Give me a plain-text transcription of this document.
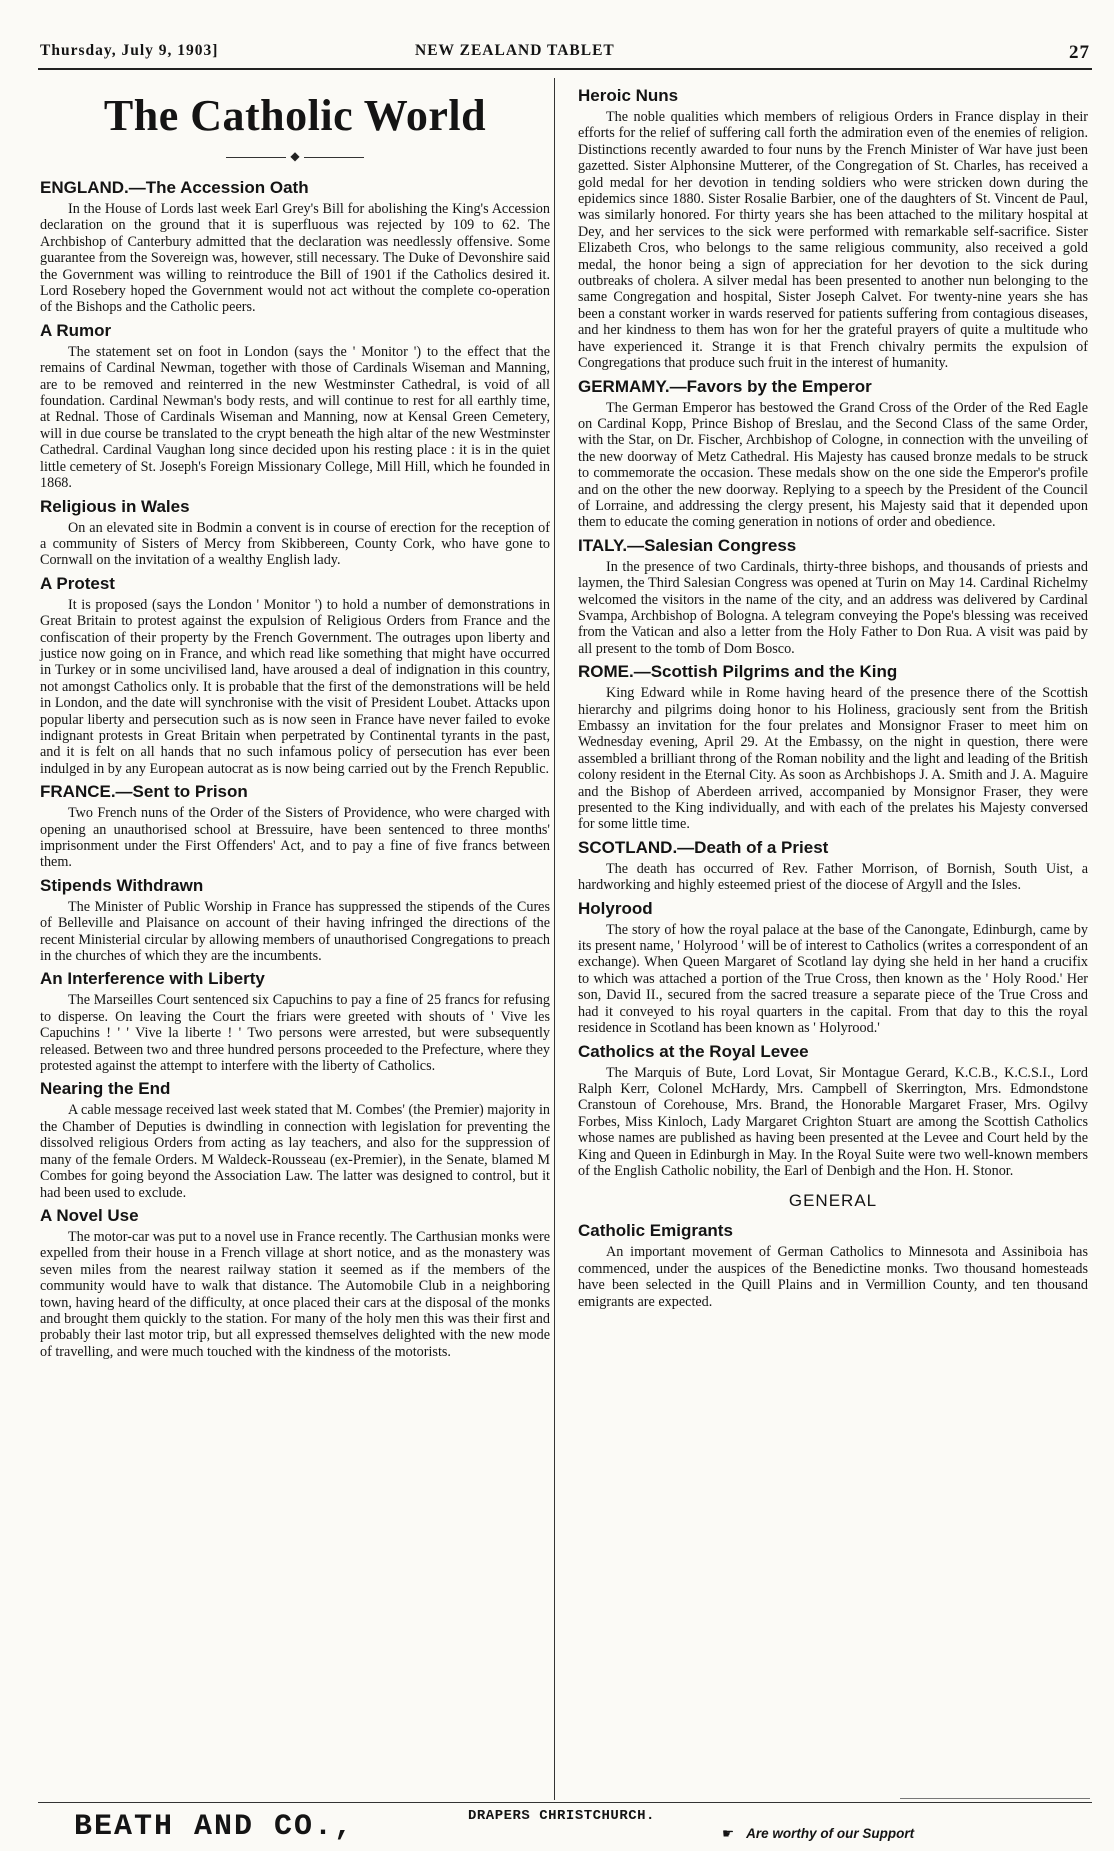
Thursday, July 9, 1903]	NEW ZEALAND TABLET	27
The Catholic World
◆
ENGLAND.—The Accession Oath

In the House of Lords last week Earl Grey's Bill for abolishing the King's Accession declaration on the ground that it is superfluous was rejected by 109 to 62. The Archbishop of Canterbury admitted that the declaration was needlessly offensive. Some guarantee from the Sovereign was, however, still necessary. The Duke of Devonshire said the Government was willing to reintroduce the Bill of 1901 if the Catholics desired it. Lord Rosebery hoped the Government would not act without the complete co-operation of the Bishops and the Catholic peers.

A Rumor

The statement set on foot in London (says the ' Monitor ') to the effect that the remains of Cardinal Newman, together with those of Cardinals Wiseman and Manning, are to be removed and reinterred in the new Westminster Cathedral, is void of all foundation. Cardinal Newman's body rests, and will continue to rest for all earthly time, at Rednal. Those of Cardinals Wiseman and Manning, now at Kensal Green Cemetery, will in due course be translated to the crypt beneath the high altar of the new Westminster Cathedral. Cardinal Vaughan long since decided upon his resting place : it is in the quiet little cemetery of St. Joseph's Foreign Missionary College, Mill Hill, which he founded in 1868.

Religious in Wales

On an elevated site in Bodmin a convent is in course of erection for the reception of a community of Sisters of Mercy from Skibbereen, County Cork, who have gone to Cornwall on the invitation of a wealthy English lady.

A Protest

It is proposed (says the London ' Monitor ') to hold a number of demonstrations in Great Britain to protest against the expulsion of Religious Orders from France and the confiscation of their property by the French Government. The outrages upon liberty and justice now going on in France, and which read like something that might have occurred in Turkey or in some uncivilised land, have aroused a deal of indignation in this country, not amongst Catholics only. It is probable that the first of the demonstrations will be held in London, and the date will synchronise with the visit of President Loubet. Attacks upon popular liberty and persecution such as is now seen in France have never failed to evoke indignant protests in Great Britain when perpetrated by Continental tyrants in the past, and it is felt on all hands that no such infamous policy of persecution has ever been indulged in by any European autocrat as is now being carried out by the French Republic.

FRANCE.—Sent to Prison

Two French nuns of the Order of the Sisters of Providence, who were charged with opening an unauthorised school at Bressuire, have been sentenced to three months' imprisonment under the First Offenders' Act, and to pay a fine of five francs between them.

Stipends Withdrawn

The Minister of Public Worship in France has suppressed the stipends of the Cures of Belleville and Plaisance on account of their having infringed the directions of the recent Ministerial circular by allowing members of unauthorised Congregations to preach in the churches of which they are the incumbents.

An Interference with Liberty

The Marseilles Court sentenced six Capuchins to pay a fine of 25 francs for refusing to disperse. On leaving the Court the friars were greeted with shouts of ' Vive les Capuchins ! ' ' Vive la liberte ! ' Two persons were arrested, but were subsequently released. Between two and three hundred persons proceeded to the Prefecture, where they protested against the attempt to interfere with the liberty of Catholics.

Nearing the End

A cable message received last week stated that M. Combes' (the Premier) majority in the Chamber of Deputies is dwindling in connection with legislation for preventing the dissolved religious Orders from acting as lay teachers, and also for the suppression of many of the female Orders. M Waldeck-Rousseau (ex-Premier), in the Senate, blamed M Combes for going beyond the Association Law. The latter was designed to control, but it had been used to exclude.

A Novel Use

The motor-car was put to a novel use in France recently. The Carthusian monks were expelled from their house in a French village at short notice, and as the monastery was seven miles from the nearest railway station it seemed as if the members of the community would have to walk that distance. The Automobile Club in a neighboring town, having heard of the difficulty, at once placed their cars at the disposal of the monks and brought them quickly to the station. For many of the holy men this was their first and probably their last motor trip, but all expressed themselves delighted with the new mode of travelling, and were much touched with the kindness of the motorists.

Heroic Nuns

The noble qualities which members of religious Orders in France display in their efforts for the relief of suffering call forth the admiration even of the enemies of religion. Distinctions recently awarded to four nuns by the French Minister of War have just been gazetted. Sister Alphonsine Mutterer, of the Congregation of St. Charles, has received a gold medal for her devotion in tending soldiers who were stricken down during the epidemics since 1880. Sister Rosalie Barbier, one of the daughters of St. Vincent de Paul, was similarly honored. For thirty years she has been attached to the military hospital at Dey, and her services to the sick were performed with remarkable self-sacrifice. Sister Elizabeth Cros, who belongs to the same religious community, also received a gold medal, the honor being a sign of appreciation for her devotion to the sick during outbreaks of cholera. A silver medal has been presented to another nun belonging to the same Congregation and hospital, Sister Joseph Calvet. For twenty-nine years she has been a constant worker in wards reserved for patients suffering from contagious diseases, and her kindness to them has won for her the grateful prayers of quite a multitude who have experienced it. Strange it is that French chivalry permits the expulsion of Congregations that produce such fruit in the interest of humanity.

GERMAMY.—Favors by the Emperor

The German Emperor has bestowed the Grand Cross of the Order of the Red Eagle on Cardinal Kopp, Prince Bishop of Breslau, and the Second Class of the same Order, with the Star, on Dr. Fischer, Archbishop of Cologne, in connection with the unveiling of the new doorway of Metz Cathedral. His Majesty has caused bronze medals to be struck to commemorate the occasion. These medals show on the one side the Emperor's profile and on the other the new doorway. Replying to a speech by the President of the Council of Lorraine, and addressing the clergy present, his Majesty said that it depended upon them to educate the coming generation in notions of order and obedience.

ITALY.—Salesian Congress

In the presence of two Cardinals, thirty-three bishops, and thousands of priests and laymen, the Third Salesian Congress was opened at Turin on May 14. Cardinal Richelmy welcomed the visitors in the name of the city, and an address was delivered by Cardinal Svampa, Archbishop of Bologna. A telegram conveying the Pope's blessing was received from the Vatican and also a letter from the Holy Father to Don Rua. A visit was paid by all present to the tomb of Dom Bosco.

ROME.—Scottish Pilgrims and the King

King Edward while in Rome having heard of the presence there of the Scottish hierarchy and pilgrims doing honor to his Holiness, graciously sent from the British Embassy an invitation for the four prelates and Monsignor Fraser to meet him on Wednesday evening, April 29. At the Embassy, on the night in question, there were assembled a brilliant throng of the Roman nobility and the light and leading of the British colony resident in the Eternal City. As soon as Archbishops J. A. Smith and J. A. Maguire and the Bishop of Aberdeen arrived, accompanied by Monsignor Fraser, they were presented to the King individually, and with each of the prelates his Majesty conversed for some little time.

SCOTLAND.—Death of a Priest

The death has occurred of Rev. Father Morrison, of Bornish, South Uist, a hardworking and highly esteemed priest of the diocese of Argyll and the Isles.

Holyrood

The story of how the royal palace at the base of the Canongate, Edinburgh, came by its present name, ' Holyrood ' will be of interest to Catholics (writes a correspondent of an exchange). When Queen Margaret of Scotland lay dying she held in her hand a crucifix to which was attached a portion of the True Cross, then known as the ' Holy Rood.' Her son, David II., secured from the sacred treasure a separate piece of the True Cross and had it conveyed to his royal quarters in the capital. From that day to this the royal residence in Scotland has been known as ' Holyrood.'

Catholics at the Royal Levee

The Marquis of Bute, Lord Lovat, Sir Montague Gerard, K.C.B., K.C.S.I., Lord Ralph Kerr, Colonel McHardy, Mrs. Campbell of Skerrington, Mrs. Edmondstone Cranstoun of Corehouse, Mrs. Brand, the Honorable Margaret Fraser, Mrs. Ogilvy Forbes, Miss Kinloch, Lady Margaret Crighton Stuart are among the Scottish Catholics whose names are published as having been presented at the Levee and Court held by the King and Queen in Edinburgh in May. In the Royal Suite were two well-known members of the English Catholic nobility, the Earl of Denbigh and the Hon. H. Stonor.

GENERAL
Catholic Emigrants

An important movement of German Catholics to Minnesota and Assiniboia has commenced, under the auspices of the Benedictine monks. Two thousand homesteads have been selected in the Quill Plains and in Vermillion County, and ten thousand emigrants are expected.

BEATH AND CO.,	DRAPERS CHRISTCHURCH.
☛ Are worthy of our Support
